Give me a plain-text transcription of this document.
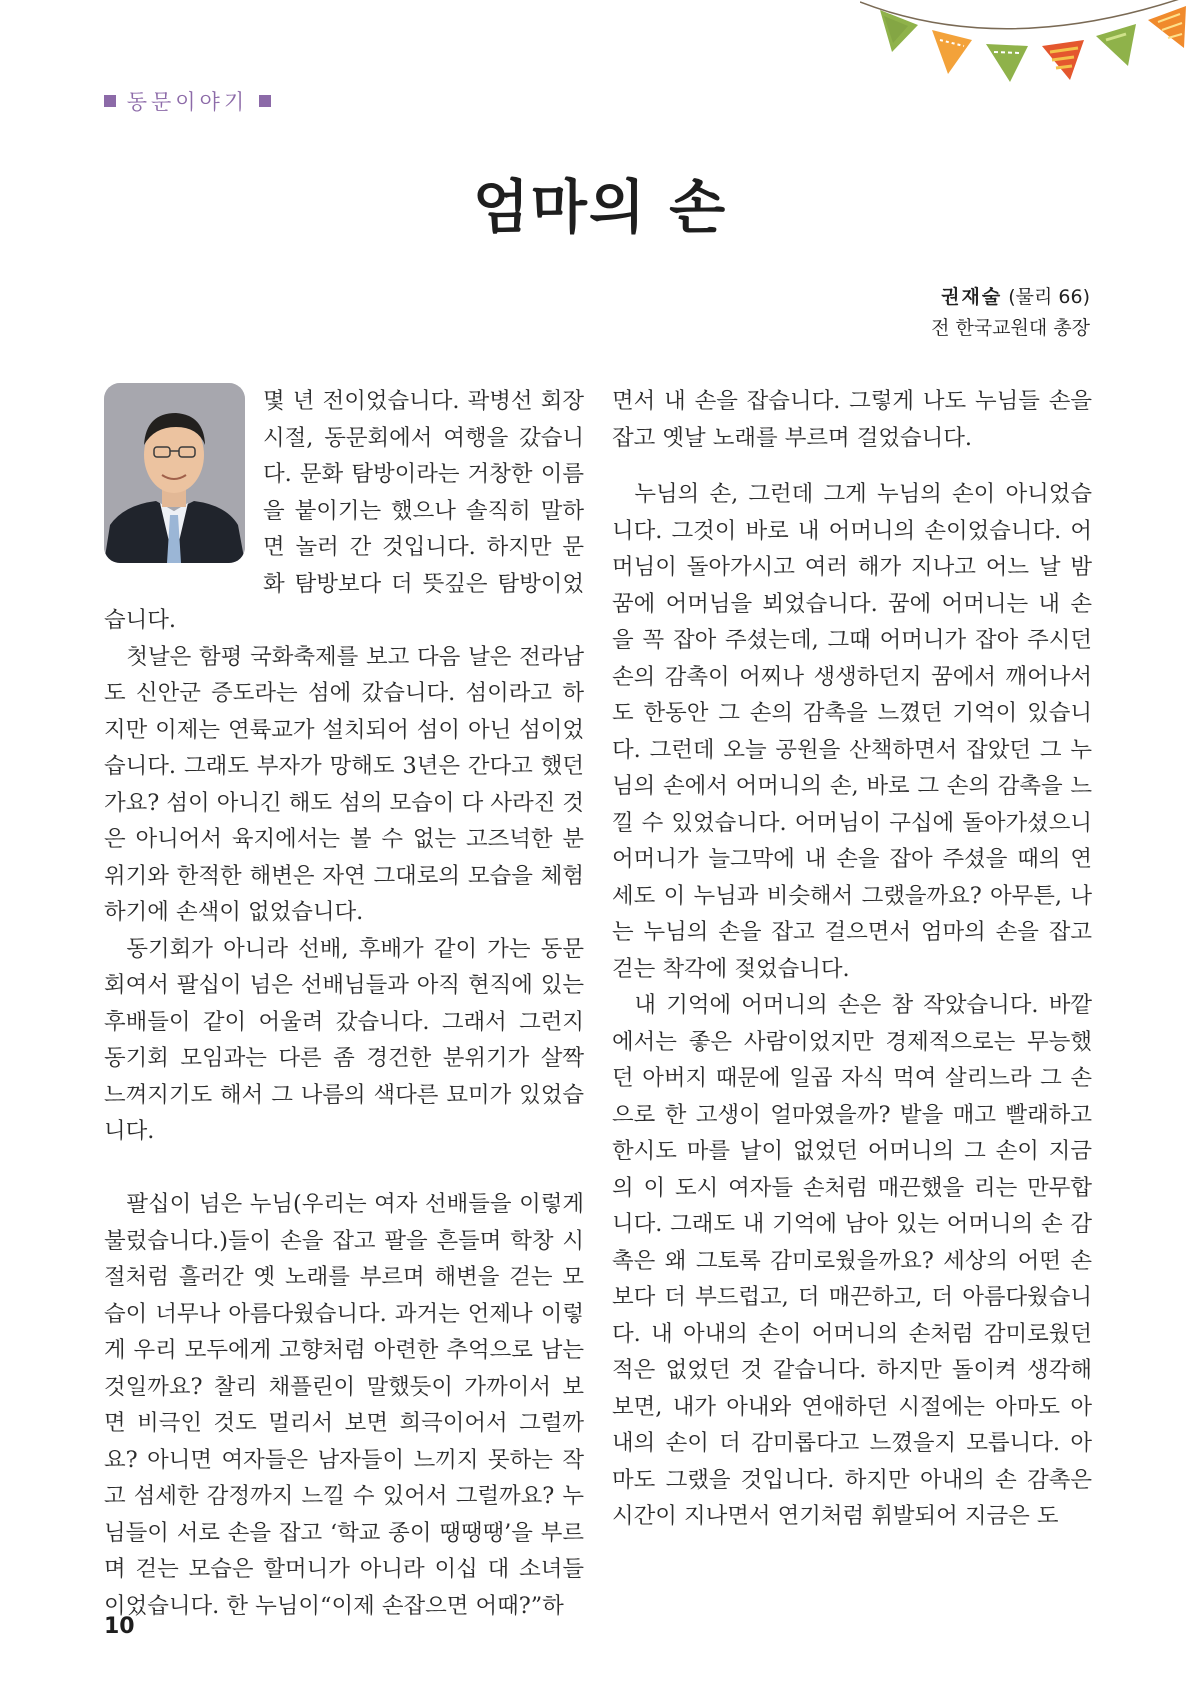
동문이야기
엄마의 손
권재술 (물리 66)
전 한국교원대 총장

몇 년 전이었습니다. 곽병선 회장 시절, 동문회에서 여행을 갔습니다. 문화 탐방이라는 거창한 이름을 붙이기는 했으나 솔직히 말하면 놀러 간 것입니다. 하지만 문화 탐방보다 더 뜻깊은 탐방이었습니다.

첫날은 함평 국화축제를 보고 다음 날은 전라남도 신안군 증도라는 섬에 갔습니다. 섬이라고 하지만 이제는 연륙교가 설치되어 섬이 아닌 섬이었습니다. 그래도 부자가 망해도 3년은 간다고 했던가요? 섬이 아니긴 해도 섬의 모습이 다 사라진 것은 아니어서 육지에서는 볼 수 없는 고즈넉한 분위기와 한적한 해변은 자연 그대로의 모습을 체험하기에 손색이 없었습니다.

동기회가 아니라 선배, 후배가 같이 가는 동문회여서 팔십이 넘은 선배님들과 아직 현직에 있는 후배들이 같이 어울려 갔습니다. 그래서 그런지 동기회 모임과는 다른 좀 경건한 분위기가 살짝 느껴지기도 해서 그 나름의 색다른 묘미가 있었습니다.

팔십이 넘은 누님(우리는 여자 선배들을 이렇게 불렀습니다.)들이 손을 잡고 팔을 흔들며 학창 시절처럼 흘러간 옛 노래를 부르며 해변을 걷는 모습이 너무나 아름다웠습니다. 과거는 언제나 이렇게 우리 모두에게 고향처럼 아련한 추억으로 남는 것일까요? 찰리 채플린이 말했듯이 가까이서 보면 비극인 것도 멀리서 보면 희극이어서 그럴까요? 아니면 여자들은 남자들이 느끼지 못하는 작고 섬세한 감정까지 느낄 수 있어서 그럴까요? 누님들이 서로 손을 잡고 ‘학교 종이 땡땡땡’을 부르며 걷는 모습은 할머니가 아니라 이십 대 소녀들이었습니다. 한 누님이“이제 손잡으면 어때?”하

면서 내 손을 잡습니다. 그렇게 나도 누님들 손을 잡고 옛날 노래를 부르며 걸었습니다.

누님의 손, 그런데 그게 누님의 손이 아니었습니다. 그것이 바로 내 어머니의 손이었습니다. 어머님이 돌아가시고 여러 해가 지나고 어느 날 밤 꿈에 어머님을 뵈었습니다. 꿈에 어머니는 내 손을 꼭 잡아 주셨는데, 그때 어머니가 잡아 주시던 손의 감촉이 어찌나 생생하던지 꿈에서 깨어나서도 한동안 그 손의 감촉을 느꼈던 기억이 있습니다. 그런데 오늘 공원을 산책하면서 잡았던 그 누님의 손에서 어머니의 손, 바로 그 손의 감촉을 느낄 수 있었습니다. 어머님이 구십에 돌아가셨으니 어머니가 늘그막에 내 손을 잡아 주셨을 때의 연세도 이 누님과 비슷해서 그랬을까요? 아무튼, 나는 누님의 손을 잡고 걸으면서 엄마의 손을 잡고 걷는 착각에 젖었습니다.

내 기억에 어머니의 손은 참 작았습니다. 바깥에서는 좋은 사람이었지만 경제적으로는 무능했던 아버지 때문에 일곱 자식 먹여 살리느라 그 손으로 한 고생이 얼마였을까? 밭을 매고 빨래하고 한시도 마를 날이 없었던 어머니의 그 손이 지금의 이 도시 여자들 손처럼 매끈했을 리는 만무합니다. 그래도 내 기억에 남아 있는 어머니의 손 감촉은 왜 그토록 감미로웠을까요? 세상의 어떤 손보다 더 부드럽고, 더 매끈하고, 더 아름다웠습니다. 내 아내의 손이 어머니의 손처럼 감미로웠던 적은 없었던 것 같습니다. 하지만 돌이켜 생각해 보면, 내가 아내와 연애하던 시절에는 아마도 아내의 손이 더 감미롭다고 느꼈을지 모릅니다. 아마도 그랬을 것입니다. 하지만 아내의 손 감촉은 시간이 지나면서 연기처럼 휘발되어 지금은 도

10
